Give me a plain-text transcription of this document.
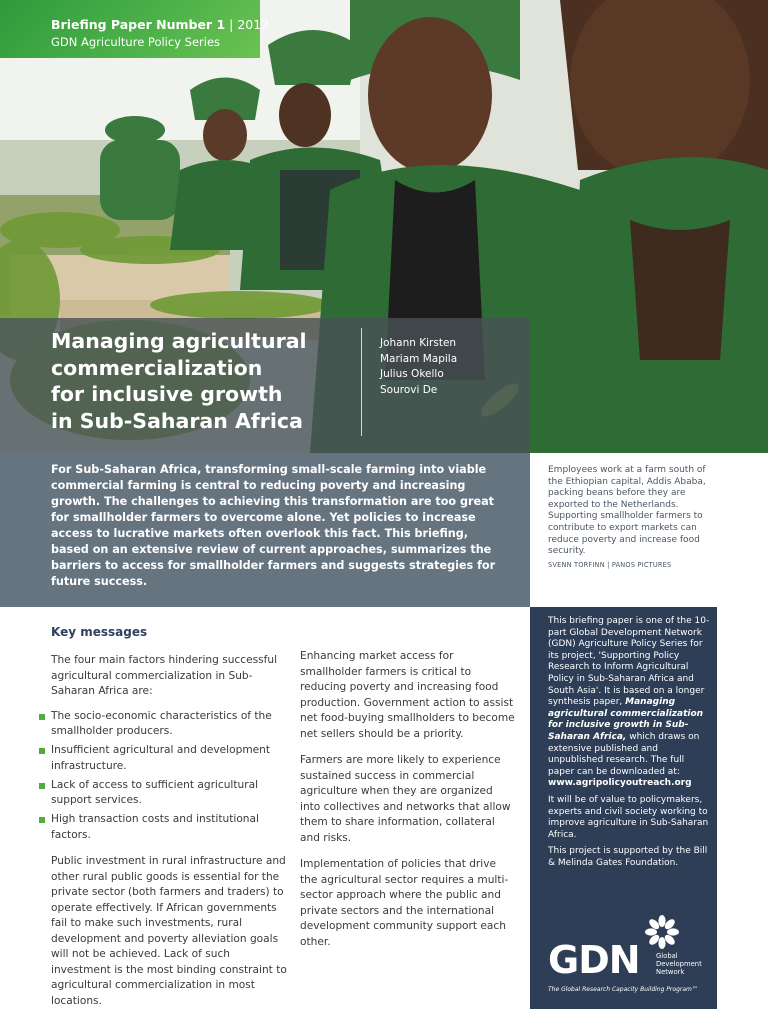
Briefing Paper Number 1 | 2012
GDN Agriculture Policy Series
Managing agricultural
commercialization
for inclusive growth
in Sub-Saharan Africa
Johann Kirsten
Mariam Mapila
Julius Okello
Sourovi De

For Sub-Saharan Africa, transforming small-scale farming into viable commercial farming is central to reducing poverty and increasing growth. The challenges to achieving this transformation are too great for smallholder farmers to overcome alone. Yet policies to increase access to lucrative markets often overlook this fact. This briefing, based on an extensive review of current approaches, summarizes the barriers to access for smallholder farmers and suggests strategies for future success.

Employees work at a farm south of the Ethiopian capital, Addis Ababa, packing beans before they are exported to the Netherlands. Supporting smallholder farmers to contribute to export markets can reduce poverty and increase food security.
SVENN TORFINN | PANOS PICTURES
Key messages

The four main factors hindering successful agricultural commercialization in Sub-Saharan Africa are:

The socio-economic characteristics of the smallholder producers.
Insufficient agricultural and development infrastructure.
Lack of access to sufficient agricultural support services.
High transaction costs and institutional factors.

Public investment in rural infrastructure and other rural public goods is essential for the private sector (both farmers and traders) to operate effectively. If African governments fail to make such investments, rural development and poverty alleviation goals will not be achieved. Lack of such investment is the most binding constraint to agricultural commercialization in most locations.

Enhancing market access for smallholder farmers is critical to reducing poverty and increasing food production. Government action to assist net food-buying smallholders to become net sellers should be a priority.

Farmers are more likely to experience sustained success in commercial agriculture when they are organized into collectives and networks that allow them to share information, collateral and risks.

Implementation of policies that drive the agricultural sector requires a multi-sector approach where the public and private sectors and the international development community support each other.

This briefing paper is one of the 10-part Global Development Network (GDN) Agriculture Policy Series for its project, 'Supporting Policy Research to Inform Agricultural Policy in Sub-Saharan Africa and South Asia'. It is based on a longer synthesis paper, Managing agricultural commercialization for inclusive growth in Sub-Saharan Africa, which draws on extensive published and unpublished research. The full paper can be downloaded at: www.agripolicyoutreach.org

It will be of value to policymakers, experts and civil society working to improve agriculture in Sub-Saharan Africa.

This project is supported by the Bill & Melinda Gates Foundation.

GDN Global
Development
Network
The Global Research Capacity Building Program™
